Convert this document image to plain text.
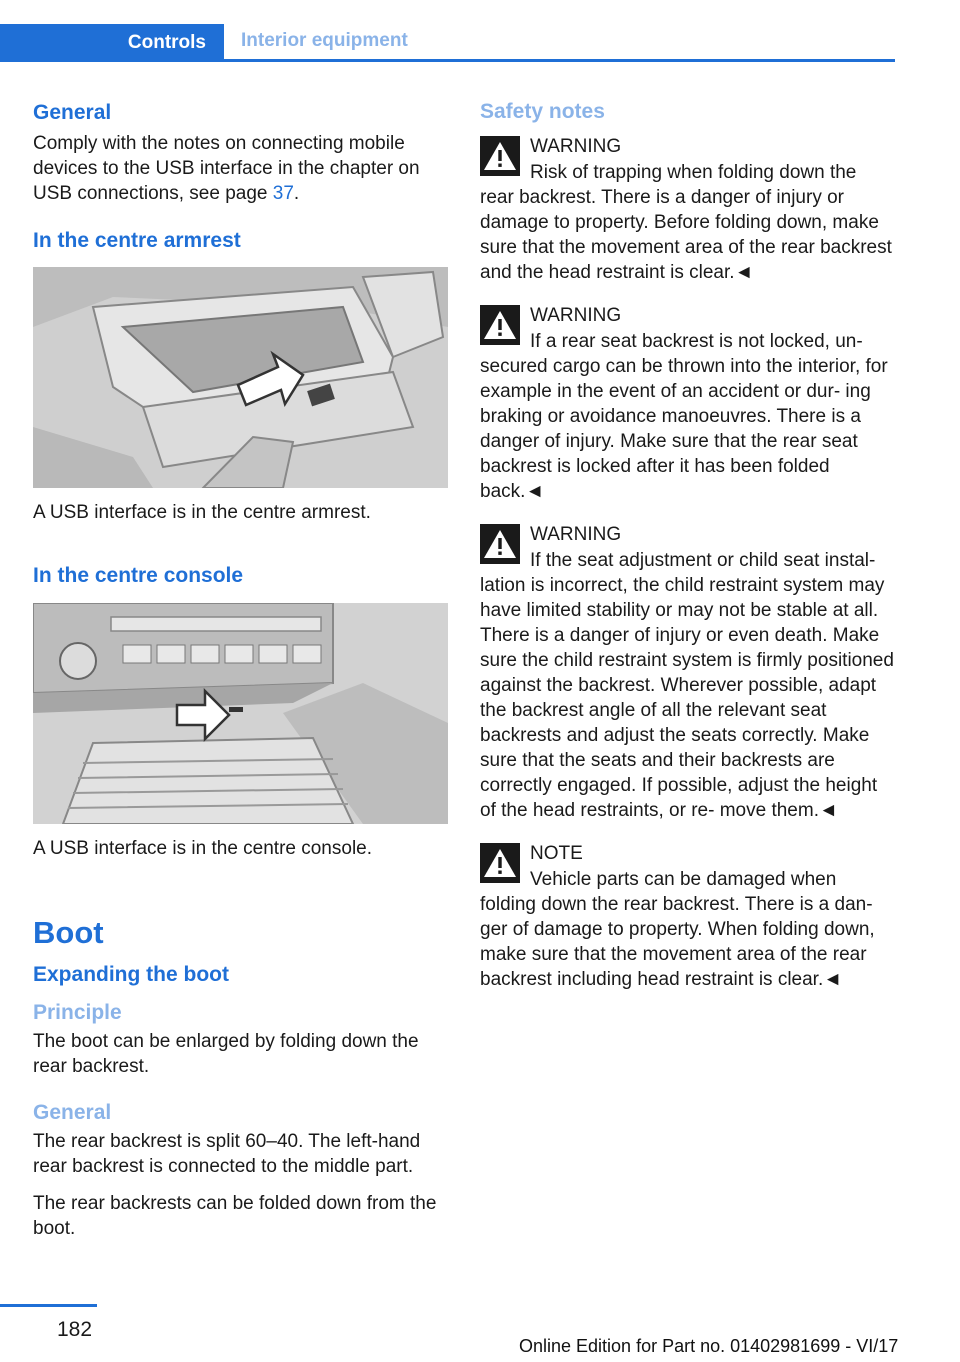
Controls Interior equipment
General

Comply with the notes on connecting mobile devices to the USB interface in the chapter on USB connections, see page 37.

In the centre armrest

A USB interface is in the centre armrest.

In the centre console

A USB interface is in the centre console.

Boot
Expanding the boot
Principle

The boot can be enlarged by folding down the rear backrest.

General

The rear backrest is split 60–40. The left-hand rear backrest is connected to the middle part.

The rear backrests can be folded down from the boot.

Safety notes
WARNING
Risk of trapping when folding down the
rear backrest. There is a danger of injury or damage to property. Before folding down, make sure that the movement area of the rear backrest and the head restraint is clear.◄
WARNING
If a rear seat backrest is not locked, un‐
secured cargo can be thrown into the interior, for example in the event of an accident or dur‐ ing braking or avoidance manoeuvres. There is a danger of injury. Make sure that the rear seat backrest is locked after it has been folded back.◄
WARNING
If the seat adjustment or child seat instal‐
lation is incorrect, the child restraint system may have limited stability or may not be stable at all. There is a danger of injury or even death. Make sure the child restraint system is firmly positioned against the backrest. Wherever possible, adapt the backrest angle of all the relevant seat backrests and adjust the seats correctly. Make sure that the seats and their backrests are correctly engaged. If possible, adjust the height of the head restraints, or re‐ move them.◄
NOTE
Vehicle parts can be damaged when
folding down the rear backrest. There is a dan‐ ger of damage to property. When folding down, make sure that the movement area of the rear backrest including head restraint is clear.◄
182
Online Edition for Part no. 01402981699 - VI/17
